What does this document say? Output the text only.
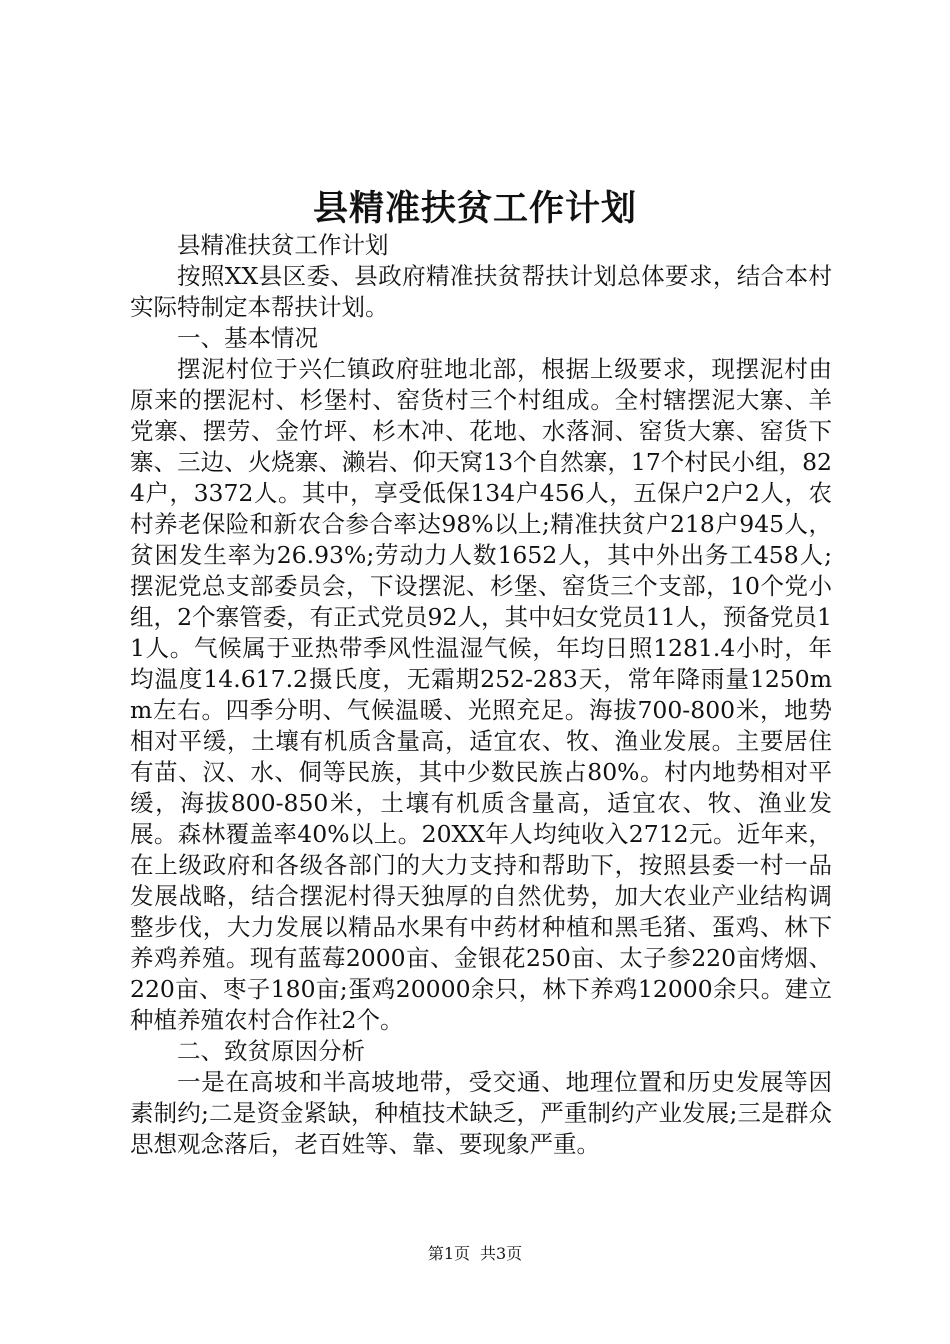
县精准扶贫工作计划

县精准扶贫工作计划

按照XX县区委、县政府精准扶贫帮扶计划总体要求，结合本村实际特制定本帮扶计划。

一、基本情况

摆泥村位于兴仁镇政府驻地北部，根据上级要求，现摆泥村由原来的摆泥村、杉堡村、窑货村三个村组成。全村辖摆泥大寨、羊党寨、摆劳、金竹坪、杉木冲、花地、水落洞、窑货大寨、窑货下寨、三边、火烧寨、濑岩、仰天窝13个自然寨，17个村民小组，824户，3372人。其中，享受低保134户456人，五保户2户2人，农村养老保险和新农合参合率达98%以上;精准扶贫户218户945人，贫困发生率为26.93%;劳动力人数1652人，其中外出务工458人;摆泥党总支部委员会，下设摆泥、杉堡、窑货三个支部，10个党小组，2个寨管委，有正式党员92人，其中妇女党员11人，预备党员11人。气候属于亚热带季风性温湿气候，年均日照1281.4小时，年均温度14.617.2摄氏度，无霜期252-283天，常年降雨量1250mm左右。四季分明、气候温暖、光照充足。海拔700-800米，地势相对平缓，土壤有机质含量高，适宜农、牧、渔业发展。主要居住有苗、汉、水、侗等民族，其中少数民族占80%。村内地势相对平缓，海拔800-850米，土壤有机质含量高，适宜农、牧、渔业发展。森林覆盖率40%以上。20XX年人均纯收入2712元。近年来，在上级政府和各级各部门的大力支持和帮助下，按照县委一村一品发展战略，结合摆泥村得天独厚的自然优势，加大农业产业结构调整步伐，大力发展以精品水果有中药材种植和黑毛猪、蛋鸡、林下养鸡养殖。现有蓝莓2000亩、金银花250亩、太子参220亩烤烟、220亩、枣子180亩;蛋鸡20000余只，林下养鸡12000余只。建立种植养殖农村合作社2个。

二、致贫原因分析

一是在高坡和半高坡地带，受交通、地理位置和历史发展等因素制约;二是资金紧缺，种植技术缺乏，严重制约产业发展;三是群众思想观念落后，老百姓等、靠、要现象严重。

第1页 共3页
